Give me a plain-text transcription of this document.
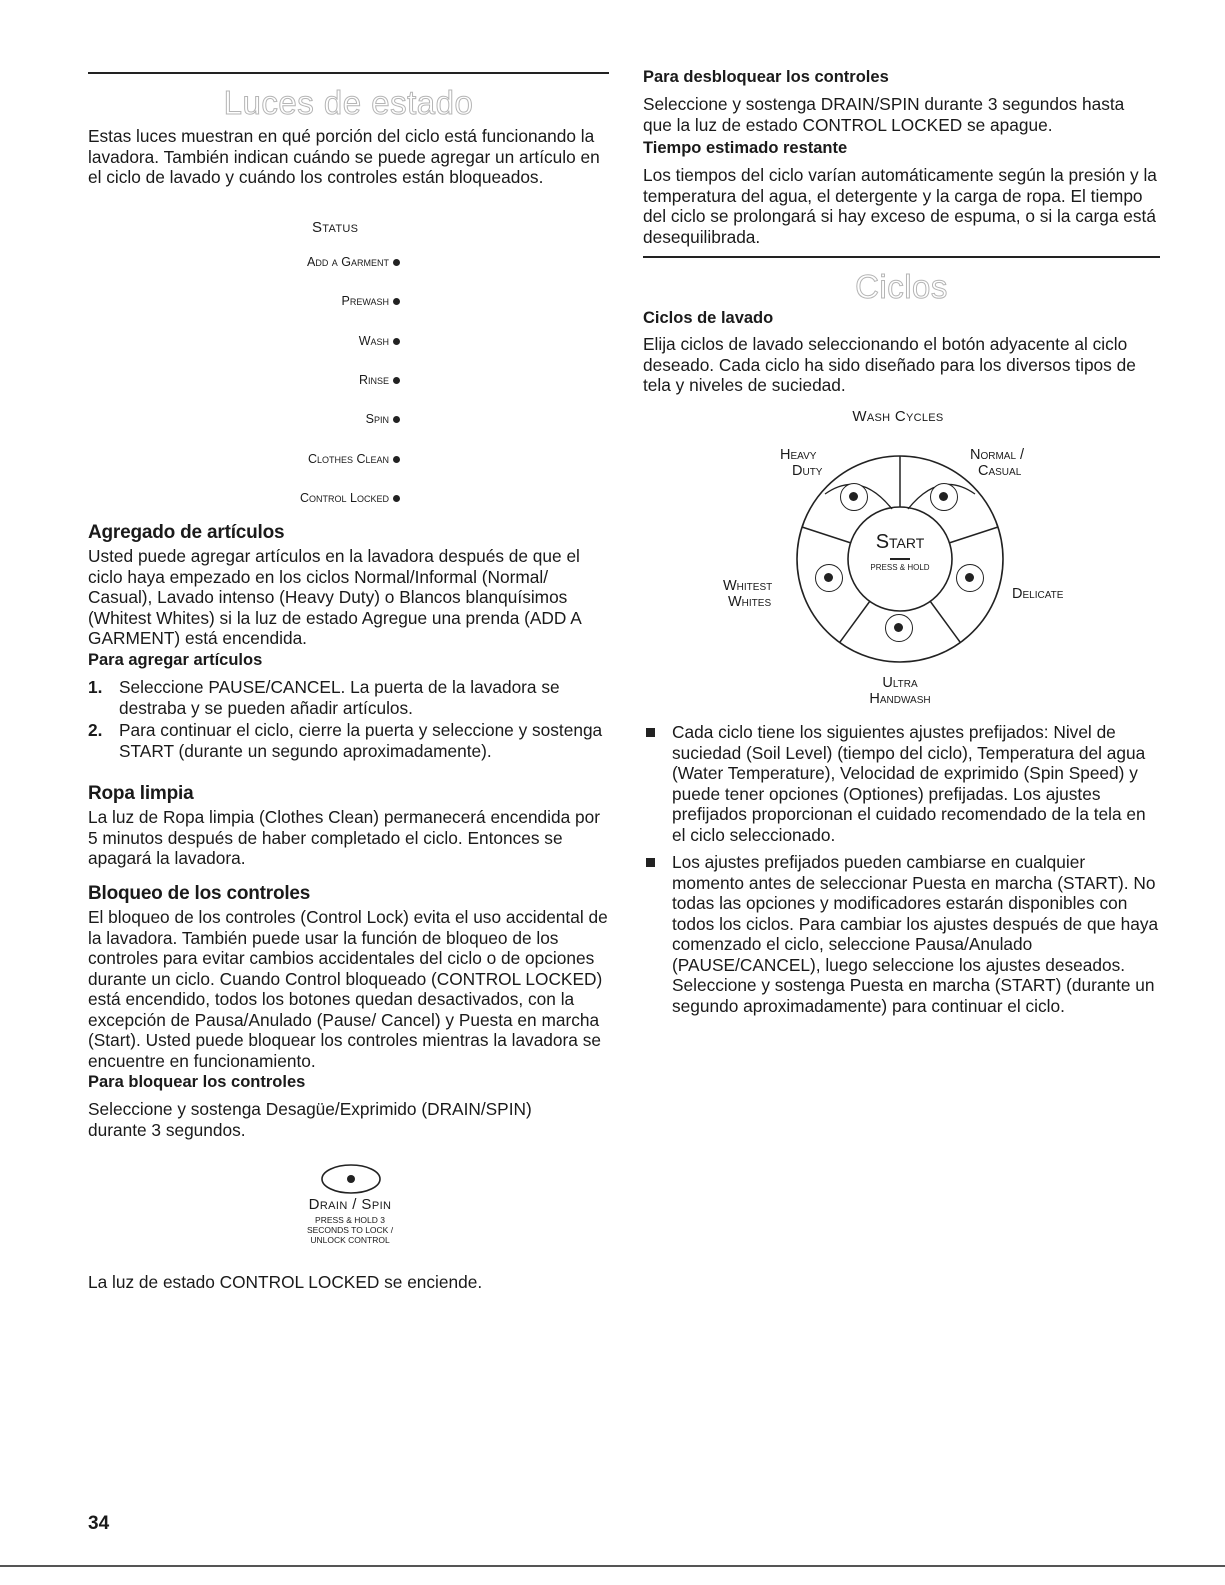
Luces de estado
Estas luces muestran en qué porción del ciclo está funcionando la lavadora. También indican cuándo se puede agregar un artículo en el ciclo de lavado y cuándo los controles están bloqueados.
Status
Add a Garment
Prewash
Wash
Rinse
Spin
Clothes Clean
Control Locked
Agregado de artículos
Usted puede agregar artículos en la lavadora después de que el ciclo haya empezado en los ciclos Normal/Informal (Normal/ Casual), Lavado intenso (Heavy Duty) o Blancos blanquísimos (Whitest Whites) si la luz de estado Agregue una prenda (ADD A GARMENT) está encendida.
Para agregar artículos
1. Seleccione PAUSE/CANCEL. La puerta de la lavadora se destraba y se pueden añadir artículos.
2. Para continuar el ciclo, cierre la puerta y seleccione y sostenga START (durante un segundo aproximadamente).
Ropa limpia
La luz de Ropa limpia (Clothes Clean) permanecerá encendida por 5 minutos después de haber completado el ciclo. Entonces se apagará la lavadora.
Bloqueo de los controles
El bloqueo de los controles (Control Lock) evita el uso accidental de la lavadora. También puede usar la función de bloqueo de los controles para evitar cambios accidentales del ciclo o de opciones durante un ciclo. Cuando Control bloqueado (CONTROL LOCKED) está encendido, todos los botones quedan desactivados, con la excepción de Pausa/Anulado (Pause/ Cancel) y Puesta en marcha (Start). Usted puede bloquear los controles mientras la lavadora se encuentre en funcionamiento.
Para bloquear los controles
Seleccione y sostenga Desagüe/Exprimido (DRAIN/SPIN) durante 3 segundos.
Drain / Spin
PRESS & HOLD 3
SECONDS TO LOCK /
UNLOCK CONTROL
La luz de estado CONTROL LOCKED se enciende.
34
Para desbloquear los controles
Seleccione y sostenga DRAIN/SPIN durante 3 segundos hasta que la luz de estado CONTROL LOCKED se apague.
Tiempo estimado restante
Los tiempos del ciclo varían automáticamente según la presión y la temperatura del agua, el detergente y la carga de ropa. El tiempo del ciclo se prolongará si hay exceso de espuma, o si la carga está desequilibrada.
Ciclos
Ciclos de lavado
Elija ciclos de lavado seleccionando el botón adyacente al ciclo deseado. Cada ciclo ha sido diseñado para los diversos tipos de tela y niveles de suciedad.
Wash Cycles
Start
PRESS & HOLD
Heavy
Duty
Normal /
Casual
Whitest
Whites	Delicate
Ultra
Handwash
Cada ciclo tiene los siguientes ajustes prefijados: Nivel de suciedad (Soil Level) (tiempo del ciclo), Temperatura del agua (Water Temperature), Velocidad de exprimido (Spin Speed) y puede tener opciones (Optiones) prefijadas. Los ajustes prefijados proporcionan el cuidado recomendado de la tela en el ciclo seleccionado.
Los ajustes prefijados pueden cambiarse en cualquier momento antes de seleccionar Puesta en marcha (START). No todas las opciones y modificadores estarán disponibles con todos los ciclos. Para cambiar los ajustes después de que haya comenzado el ciclo, seleccione Pausa/Anulado (PAUSE/CANCEL), luego seleccione los ajustes deseados. Seleccione y sostenga Puesta en marcha (START) (durante un segundo aproximadamente) para continuar el ciclo.
